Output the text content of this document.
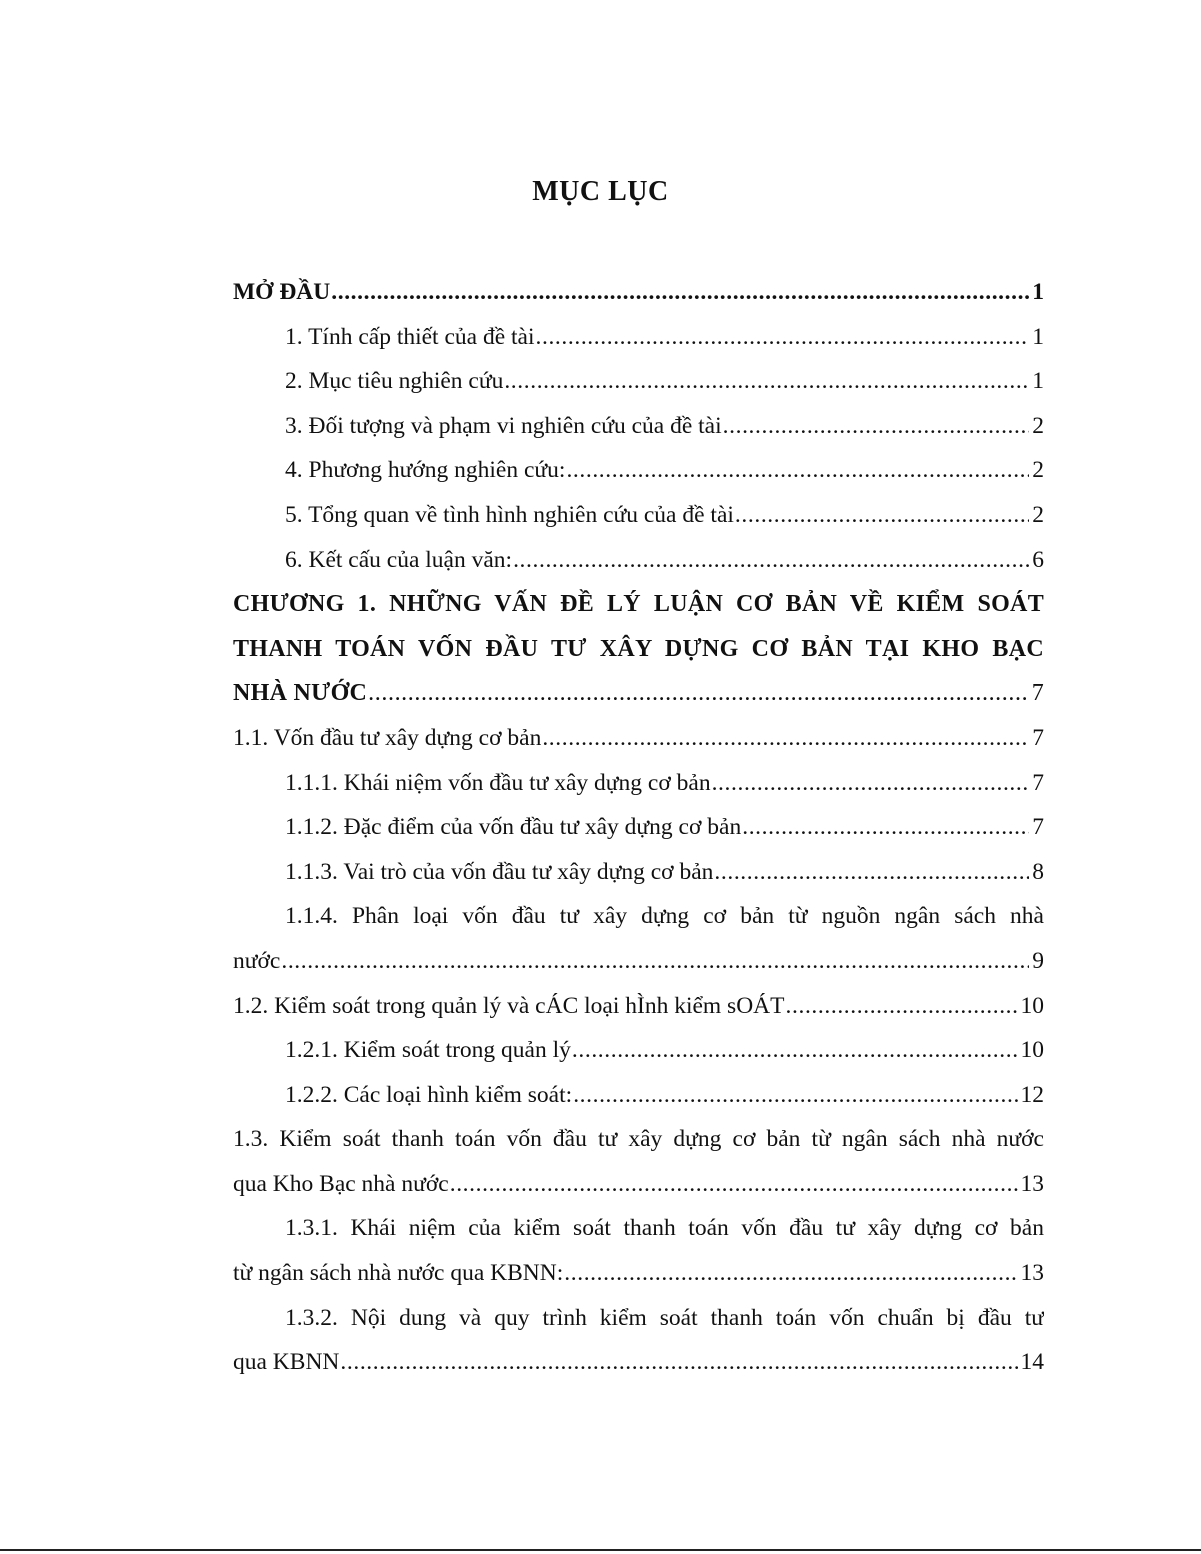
MỤC LỤC
MỞ ĐẦU .....	1
1. Tính cấp thiết của đề tài .....	1
2. Mục tiêu nghiên cứu .....	1
3. Đối tượng và phạm vi nghiên cứu của đề tài .....	2
4. Phương hướng nghiên cứu: .....	2
5. Tổng quan về tình hình nghiên cứu của đề tài .....	2
6. Kết cấu của luận văn: .....	6
CHƯƠNG 1. NHỮNG VẤN ĐỀ LÝ LUẬN CƠ BẢN VỀ KIỂM SOÁT
THANH TOÁN VỐN ĐẦU TƯ XÂY DỰNG CƠ BẢN TẠI KHO BẠC
NHÀ NƯỚC .....	7
1.1. Vốn đầu tư xây dựng cơ bản .....	7
1.1.1. Khái niệm vốn đầu tư xây dựng cơ bản .....	7
1.1.2. Đặc điểm của vốn đầu tư xây dựng cơ bản .....	7
1.1.3. Vai trò của vốn đầu tư xây dựng cơ bản .....	8
1.1.4. Phân loại vốn đầu tư xây dựng cơ bản từ nguồn ngân sách nhà
nước .....	9
1.2. Kiểm soát trong quản lý và cÁC loại hÌnh kiểm sOÁT .....	10
1.2.1. Kiểm soát trong quản lý .....	10
1.2.2. Các loại hình kiểm soát: .....	12
1.3. Kiểm soát thanh toán vốn đầu tư xây dựng cơ bản từ ngân sách nhà nước
qua Kho Bạc nhà nước .....	13
1.3.1. Khái niệm của kiểm soát thanh toán vốn đầu tư xây dựng cơ bản
từ ngân sách nhà nước qua KBNN: .....	13
1.3.2. Nội dung và quy trình kiểm soát thanh toán vốn chuẩn bị đầu tư
qua KBNN .....	14
